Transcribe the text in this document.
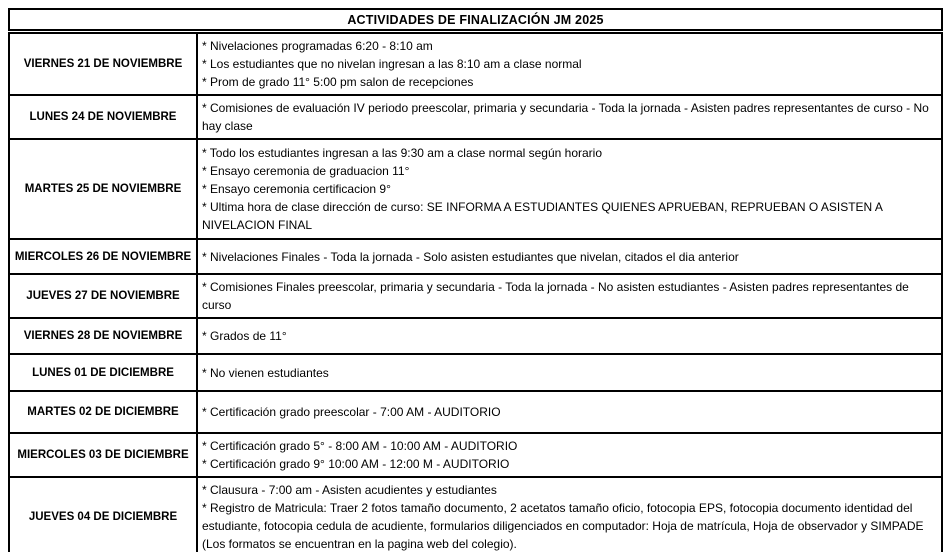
ACTIVIDADES DE FINALIZACIÓN JM 2025	
VIERNES 21 DE NOVIEMBRE	* Nivelaciones programadas 6:20 - 8:10 am
* Los estudiantes que no nivelan ingresan a las 8:10 am a clase normal
* Prom de grado 11° 5:00 pm salon de recepciones

LUNES 24 DE NOVIEMBRE	* Comisiones de evaluación IV periodo preescolar, primaria y secundaria - Toda la jornada - Asisten padres representantes de curso - No hay clase

MARTES 25 DE NOVIEMBRE	* Todo los estudiantes ingresan a las 9:30 am a clase normal según horario
* Ensayo ceremonia de graduacion 11°
* Ensayo ceremonia certificacion 9°
* Ultima hora de clase dirección de curso: SE INFORMA A ESTUDIANTES QUIENES APRUEBAN, REPRUEBAN O ASISTEN A NIVELACION FINAL

MIERCOLES 26 DE NOVIEMBRE	* Nivelaciones Finales - Toda la jornada - Solo asisten estudiantes que nivelan, citados el dia anterior

JUEVES 27 DE NOVIEMBRE	* Comisiones Finales preescolar, primaria y secundaria - Toda la jornada - No asisten estudiantes - Asisten padres representantes de curso

VIERNES 28 DE NOVIEMBRE	* Grados de 11°

LUNES 01 DE DICIEMBRE	* No vienen estudiantes

MARTES 02 DE DICIEMBRE	* Certificación grado preescolar - 7:00 AM - AUDITORIO

MIERCOLES 03 DE DICIEMBRE	* Certificación grado 5° - 8:00 AM - 10:00 AM - AUDITORIO
* Certificación grado 9° 10:00 AM - 12:00 M - AUDITORIO

JUEVES 04 DE DICIEMBRE	* Clausura - 7:00 am - Asisten acudientes y estudiantes
* Registro de Matricula: Traer 2 fotos tamaño documento, 2 acetatos tamaño oficio, fotocopia EPS, fotocopia documento identidad del estudiante, fotocopia cedula de acudiente, formularios diligenciados en computador: Hoja de matrícula, Hoja de observador y SIMPADE (Los formatos se encuentran en la pagina web del colegio).
